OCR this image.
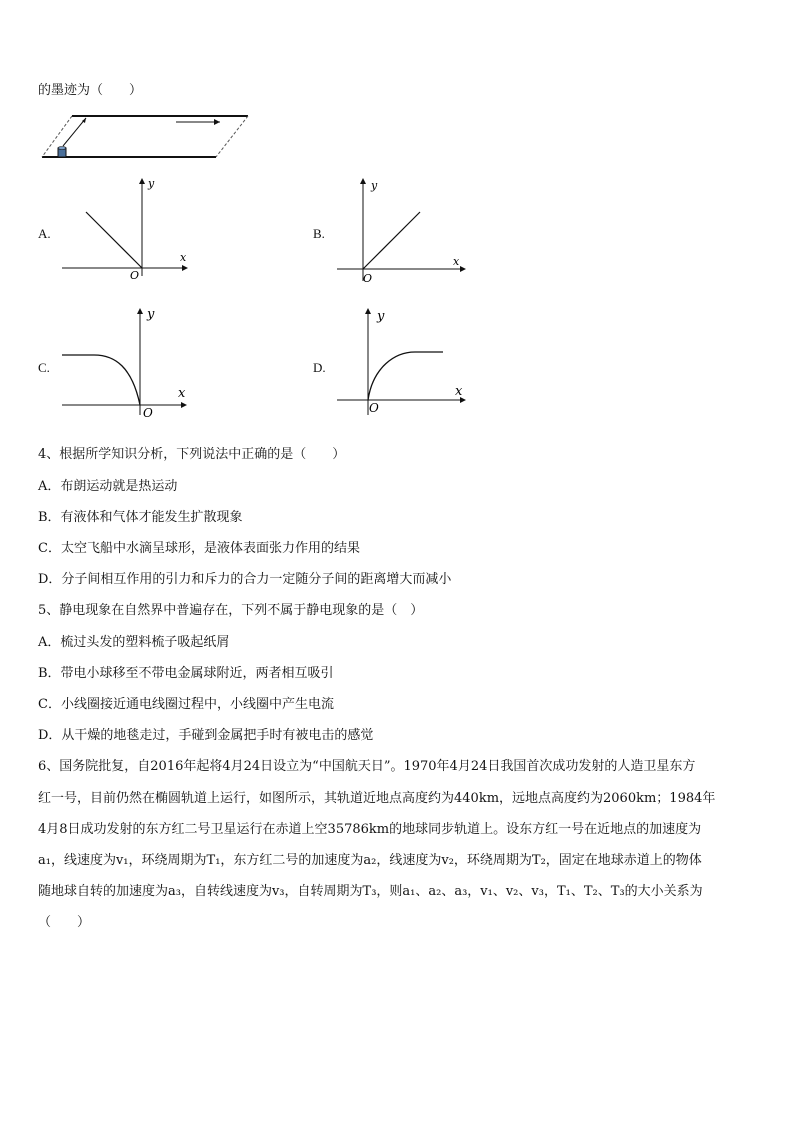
的墨迹为（　　）
A.
y
x
O
B.
y
x
O
C.
y
x
O
D.
y
x
O
4、根据所学知识分析，下列说法中正确的是（　　）
A．布朗运动就是热运动
B．有液体和气体才能发生扩散现象
C．太空飞船中水滴呈球形，是液体表面张力作用的结果
D．分子间相互作用的引力和斥力的合力一定随分子间的距离增大而减小
5、静电现象在自然界中普遍存在，下列不属于静电现象的是（　）
A．梳过头发的塑料梳子吸起纸屑
B．带电小球移至不带电金属球附近，两者相互吸引
C．小线圈接近通电线圈过程中，小线圈中产生电流
D．从干燥的地毯走过，手碰到金属把手时有被电击的感觉
6、国务院批复，自2016年起将4月24日设立为“中国航天日”。1970年4月24日我国首次成功发射的人造卫星东方
红一号，目前仍然在椭圆轨道上运行，如图所示，其轨道近地点高度约为440km，远地点高度约为2060km；1984年
4月8日成功发射的东方红二号卫星运行在赤道上空35786km的地球同步轨道上。设东方红一号在近地点的加速度为
a₁，线速度为v₁，环绕周期为T₁，东方红二号的加速度为a₂，线速度为v₂，环绕周期为T₂，固定在地球赤道上的物体
随地球自转的加速度为a₃，自转线速度为v₃，自转周期为T₃，则a₁、a₂、a₃，v₁、v₂、v₃，T₁、T₂、T₃的大小关系为
（　　）
